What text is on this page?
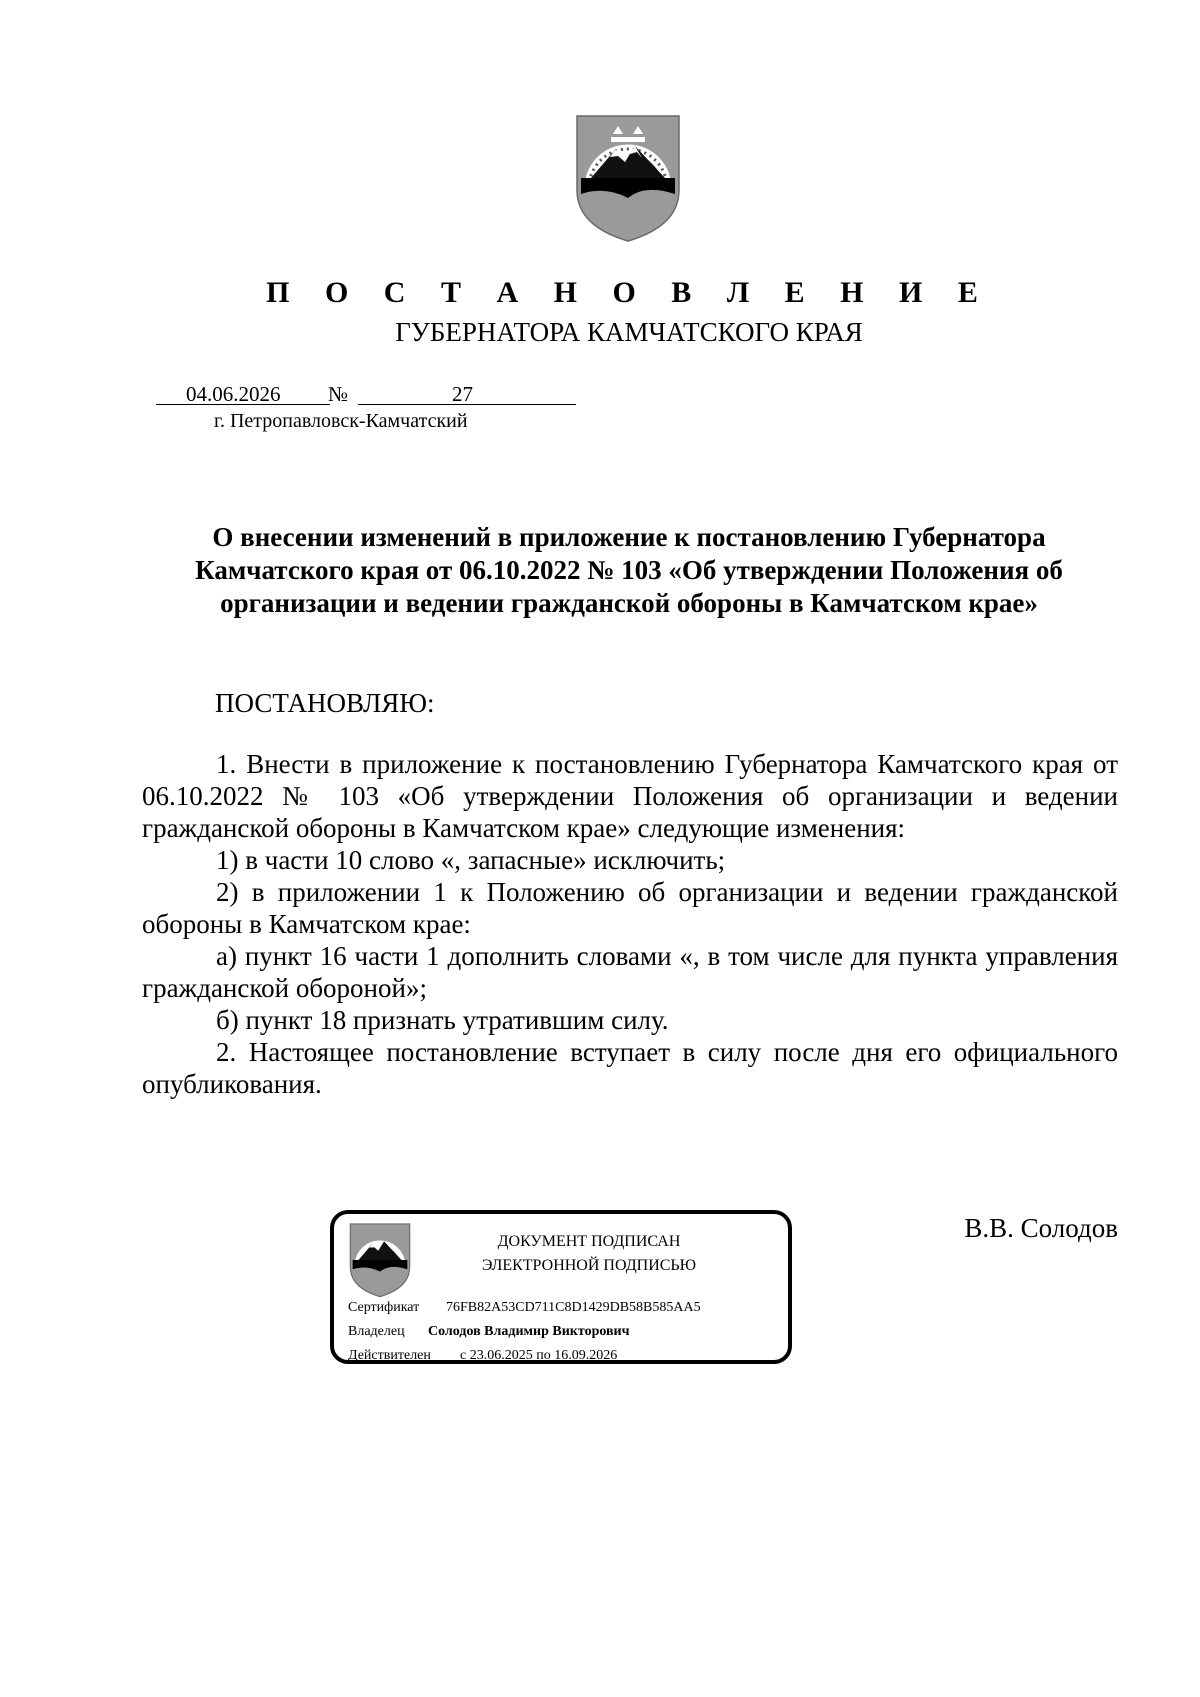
П О С Т А Н О В Л Е Н И Е
ГУБЕРНАТОРА КАМЧАТСКОГО КРАЯ
04.06.2026 №	27
г. Петропавловск-Камчатский
О внесении изменений в приложение к постановлению Губернатора Камчатского края от 06.10.2022 № 103 «Об утверждении Положения об организации и ведении гражданской обороны в Камчатском крае»
ПОСТАНОВЛЯЮ:

1. Внести в приложение к постановлению Губернатора Камчатского края от 06.10.2022 № 103 «Об утверждении Положения об организации и ведении гражданской обороны в Камчатском крае» следующие изменения:

1) в части 10 слово «, запасные» исключить;

2) в приложении 1 к Положению об организации и ведении гражданской обороны в Камчатском крае:

а) пункт 16 части 1 дополнить словами «, в том числе для пункта управления гражданской обороной»;

б) пункт 18 признать утратившим силу.

2. Настоящее постановление вступает в силу после дня его официального опубликования.

ДОКУМЕНТ ПОДПИСАН
ЭЛЕКТРОННОЙ ПОДПИСЬЮ
Сертификат 76FB82A53CD711C8D1429DB58B585AA5
Владелец Солодов Владимир Викторович
Действителен с 23.06.2025 по 16.09.2026
В.В. Солодов
